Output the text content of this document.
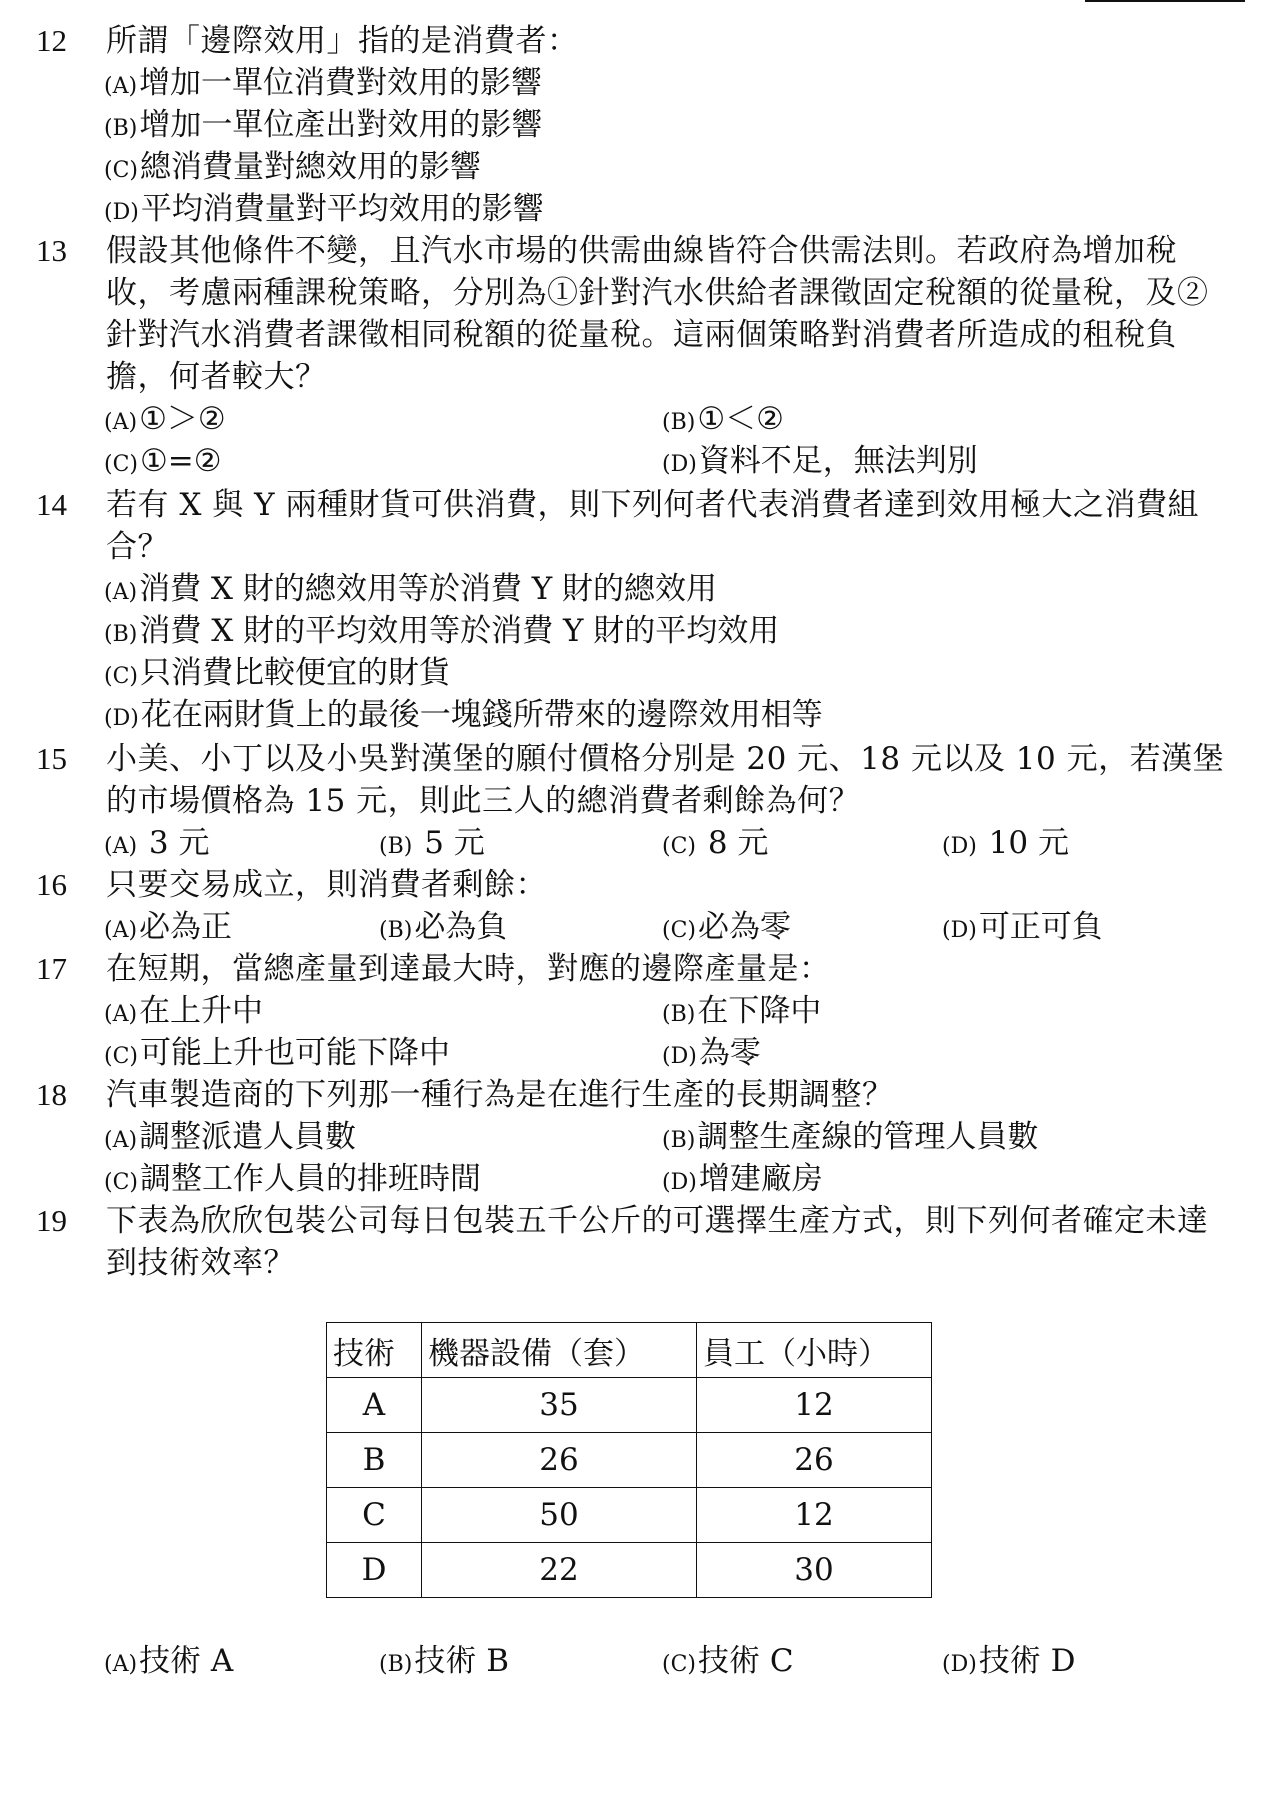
12 所謂「邊際效用」指的是消費者：
(A)增加一單位消費對效用的影響
(B)增加一單位產出對效用的影響
(C)總消費量對總效用的影響
(D)平均消費量對平均效用的影響
13 假設其他條件不變，且汽水市場的供需曲線皆符合供需法則。若政府為增加稅收，考慮兩種課稅策略，分別為①針對汽水供給者課徵固定稅額的從量稅，及②針對汽水消費者課徵相同稅額的從量稅。這兩個策略對消費者所造成的租稅負擔，何者較大？
(A)①＞②	(B)①＜②
(C)①=②	(D)資料不足，無法判別
14 若有 X 與 Y 兩種財貨可供消費，則下列何者代表消費者達到效用極大之消費組合？
(A)消費 X 財的總效用等於消費 Y 財的總效用
(B)消費 X 財的平均效用等於消費 Y 財的平均效用
(C)只消費比較便宜的財貨
(D)花在兩財貨上的最後一塊錢所帶來的邊際效用相等
15 小美、小丁以及小吳對漢堡的願付價格分別是 20 元、18 元以及 10 元，若漢堡的市場價格為 15 元，則此三人的總消費者剩餘為何？
(A) 3 元	(B) 5 元	(C) 8 元	(D) 10 元
16 只要交易成立，則消費者剩餘：
(A)必為正	(B)必為負	(C)必為零	(D)可正可負
17 在短期，當總產量到達最大時，對應的邊際產量是：
(A)在上升中	(B)在下降中
(C)可能上升也可能下降中	(D)為零
18 汽車製造商的下列那一種行為是在進行生產的長期調整？
(A)調整派遣人員數	(B)調整生產線的管理人員數
(C)調整工作人員的排班時間	(D)增建廠房
19 下表為欣欣包裝公司每日包裝五千公斤的可選擇生產方式，則下列何者確定未達到技術效率？
技術	機器設備（套）	員工（小時）
A	35	12
B	26	26
C	50	12
D	22	30
(A)技術 A	(B)技術 B	(C)技術 C	(D)技術 D
